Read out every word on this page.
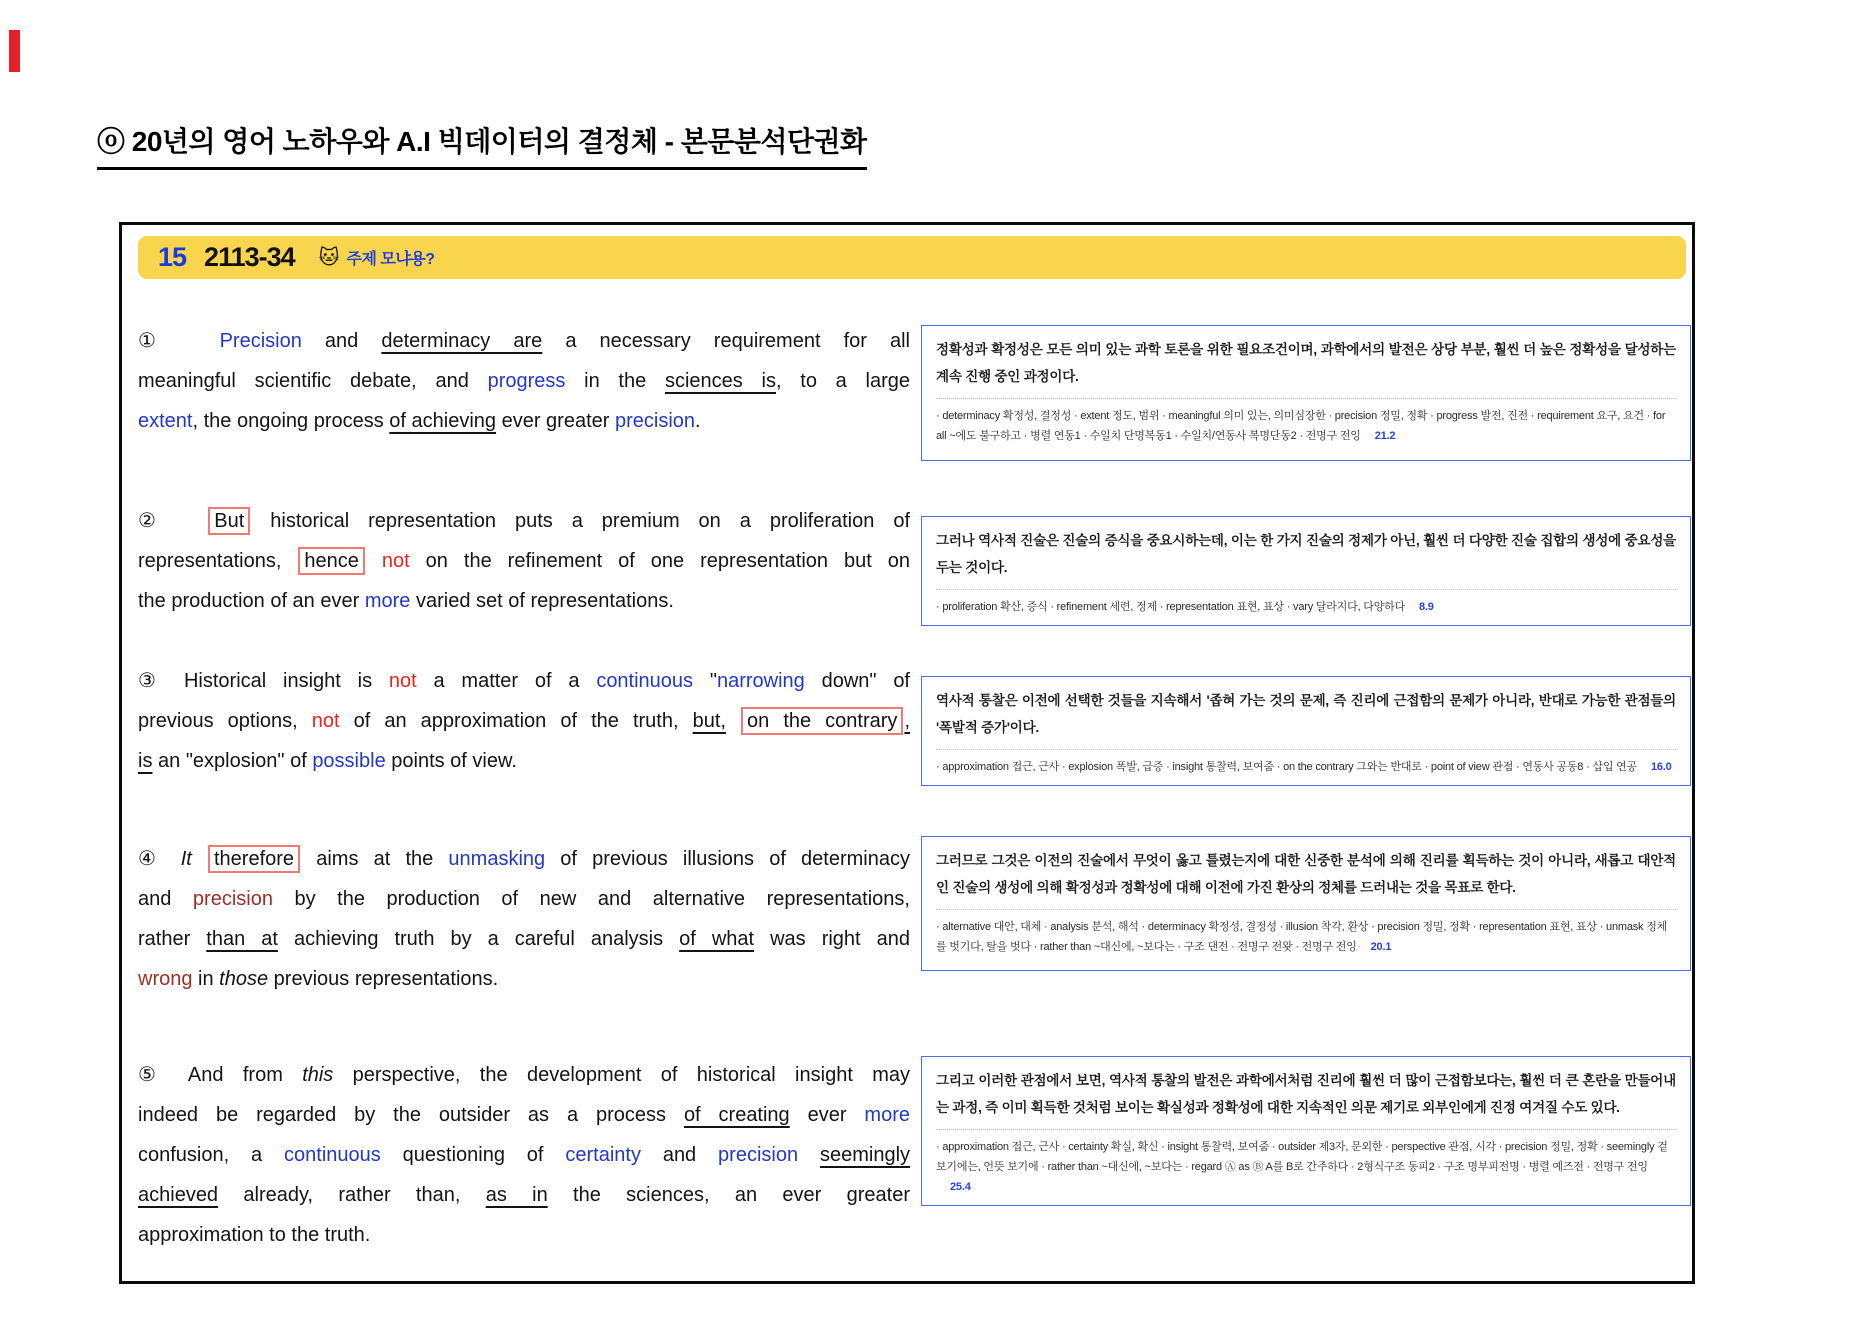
ⓞ 20년의 영어 노하우와 A.I 빅데이터의 결정체 - 본문분석단권화
15 2113-34 🐱 주제 모냐용?
①  Precision and determinacy are a necessary requirement for all
meaningful scientific debate, and progress in the sciences is, to a large
extent, the ongoing process of achieving ever greater precision.
②  But historical representation puts a premium on a proliferation of
representations, hence not on the refinement of one representation but on
the production of an ever more varied set of representations.
③ Historical insight is not a matter of a continuous "narrowing down" of
previous options, not of an approximation of the truth, but, on the contrary ,
is an "explosion" of possible points of view.
④ It therefore aims at the unmasking of previous illusions of determinacy
and precision by the production of new and alternative representations,
rather than at achieving truth by a careful analysis of what was right and
wrong in those previous representations.
⑤ And from this perspective, the development of historical insight may
indeed be regarded by the outsider as a process of creating ever more
confusion, a continuous questioning of certainty and precision seemingly
achieved already, rather than, as in the sciences, an ever greater
approximation to the truth.
정확성과 확정성은 모든 의미 있는 과학 토론을 위한 필요조건이며, 과학에서의 발전은 상당 부분, 훨씬 더 높은 정확성을 달성하는 계속 진행 중인 과정이다.
· determinacy 확정성, 결정성 · extent 정도, 범위 · meaningful 의미 있는, 의미심장한 · precision 정밀, 정확 · progress 발전, 진전 · requirement 요구, 요건 · for all ~에도 불구하고 · 병렬 연동1 · 수일치 단명복동1 · 수일치/연동사 복명단동2 · 전명구 전잉 21.2
그러나 역사적 진술은 진술의 증식을 중요시하는데, 이는 한 가지 진술의 정제가 아닌, 훨씬 더 다양한 진술 집합의 생성에 중요성을 두는 것이다.
· proliferation 확산, 증식 · refinement 세련, 정제 · representation 표현, 표상 · vary 달라지다, 다양하다 8.9
역사적 통찰은 이전에 선택한 것들을 지속해서 '좁혀 가는 것의 문제, 즉 진리에 근접함의 문제가 아니라, 반대로 가능한 관점들의 '폭발적 증가'이다.
· approximation 접근, 근사 · explosion 폭발, 급증 · insight 통찰력, 보여줌 · on the contrary 그와는 반대로 · point of view 관점 · 연동사 공동8 · 삽입 연공 16.0
그러므로 그것은 이전의 진술에서 무엇이 옳고 틀렸는지에 대한 신중한 분석에 의해 진리를 획득하는 것이 아니라, 새롭고 대안적인 진술의 생성에 의해 확정성과 정확성에 대해 이전에 가진 환상의 정체를 드러내는 것을 목표로 한다.
· alternative 대안, 대체 · analysis 분석, 해석 · determinacy 확정성, 결정성 · illusion 착각, 환상 · precision 정밀, 정확 · representation 표현, 표상 · unmask 정체를 벗기다, 탈을 벗다 · rather than ~대신에, ~보다는 · 구조 댄전 · 전명구 전왓 · 전명구 전잉 20.1
그리고 이러한 관점에서 보면, 역사적 통찰의 발전은 과학에서처럼 진리에 훨씬 더 많이 근접함보다는, 훨씬 더 큰 혼란을 만들어내는 과정, 즉 이미 획득한 것처럼 보이는 확실성과 정확성에 대한 지속적인 의문 제기로 외부인에게 진정 여겨질 수도 있다.
· approximation 접근, 근사 · certainty 확실, 확신 · insight 통찰력, 보여줌 · outsider 제3자, 문외한 · perspective 관점, 시각 · precision 정밀, 정확 · seemingly 겉보기에는, 언뜻 보기에 · rather than ~대신에, ~보다는 · regard Ⓐ as Ⓑ A를 B로 간주하다 · 2형식구조 동피2 · 구조 명부피전명 · 병렬 예즈전 · 전명구 전잉25.4
